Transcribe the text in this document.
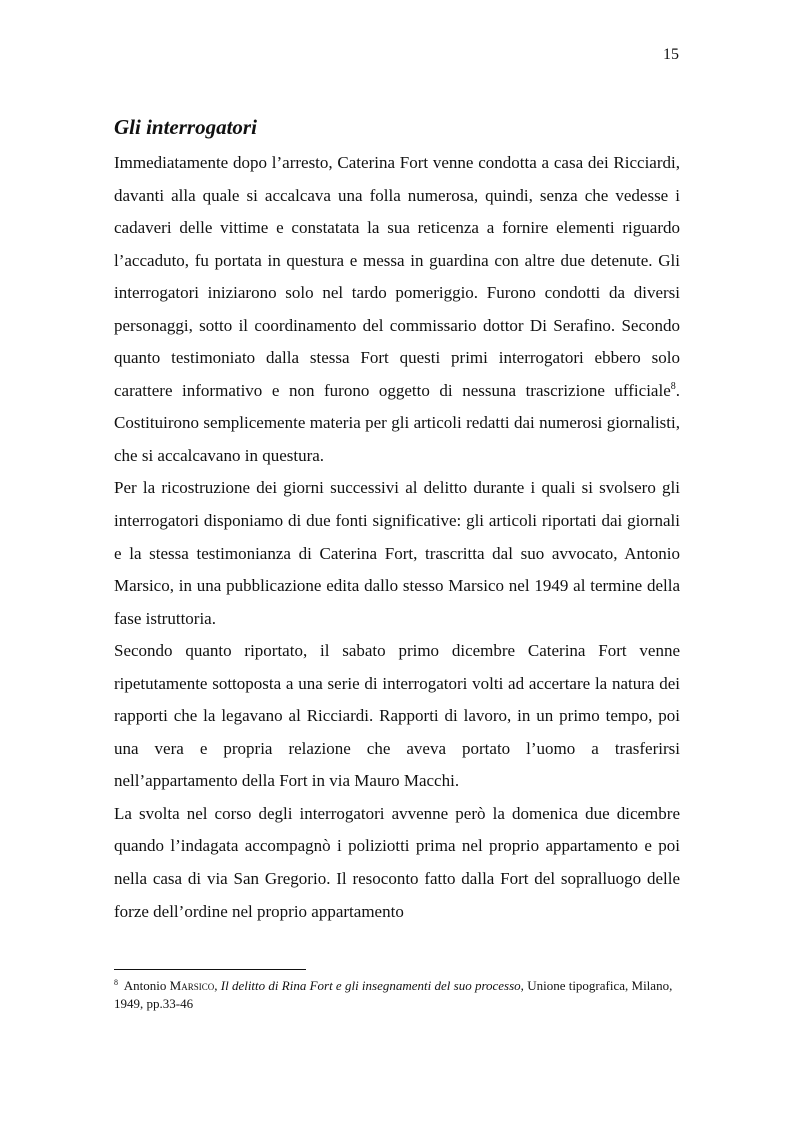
15
Gli interrogatori

Immediatamente dopo l’arresto, Caterina Fort venne condotta a casa dei Ricciardi, davanti alla quale si accalcava una folla numerosa, quindi, senza che vedesse i cadaveri delle vittime e constatata la sua reticenza a fornire elementi riguardo l’accaduto, fu portata in questura e messa in guardina con altre due detenute. Gli interrogatori iniziarono solo nel tardo pomeriggio. Furono condotti da diversi personaggi, sotto il coordinamento del commissario dottor Di Serafino. Secondo quanto testimoniato dalla stessa Fort questi primi interrogatori ebbero solo carattere informativo e non furono oggetto di nessuna trascrizione ufficiale$^8$. Costituirono semplicemente materia per gli articoli redatti dai numerosi giornalisti, che si accalcavano in questura.

Per la ricostruzione dei giorni successivi al delitto durante i quali si svolsero gli interrogatori disponiamo di due fonti significative: gli articoli riportati dai giornali e la stessa testimonianza di Caterina Fort, trascritta dal suo avvocato, Antonio Marsico, in una pubblicazione edita dallo stesso Marsico nel 1949 al termine della fase istruttoria.

Secondo quanto riportato, il sabato primo dicembre Caterina Fort venne ripetutamente sottoposta a una serie di interrogatori volti ad accertare la natura dei rapporti che la legavano al Ricciardi. Rapporti di lavoro, in un primo tempo, poi una vera e propria relazione che aveva portato l’uomo a trasferirsi nell’appartamento della Fort in via Mauro Macchi.

La svolta nel corso degli interrogatori avvenne però la domenica due dicembre quando l’indagata accompagnò i poliziotti prima nel proprio appartamento e poi nella casa di via San Gregorio. Il resoconto fatto dalla Fort del sopralluogo delle forze dell’ordine nel proprio appartamento

$^8$ Antonio Marsico, Il delitto di Rina Fort e gli insegnamenti del suo processo, Unione tipografica, Milano, 1949, pp.33-46
